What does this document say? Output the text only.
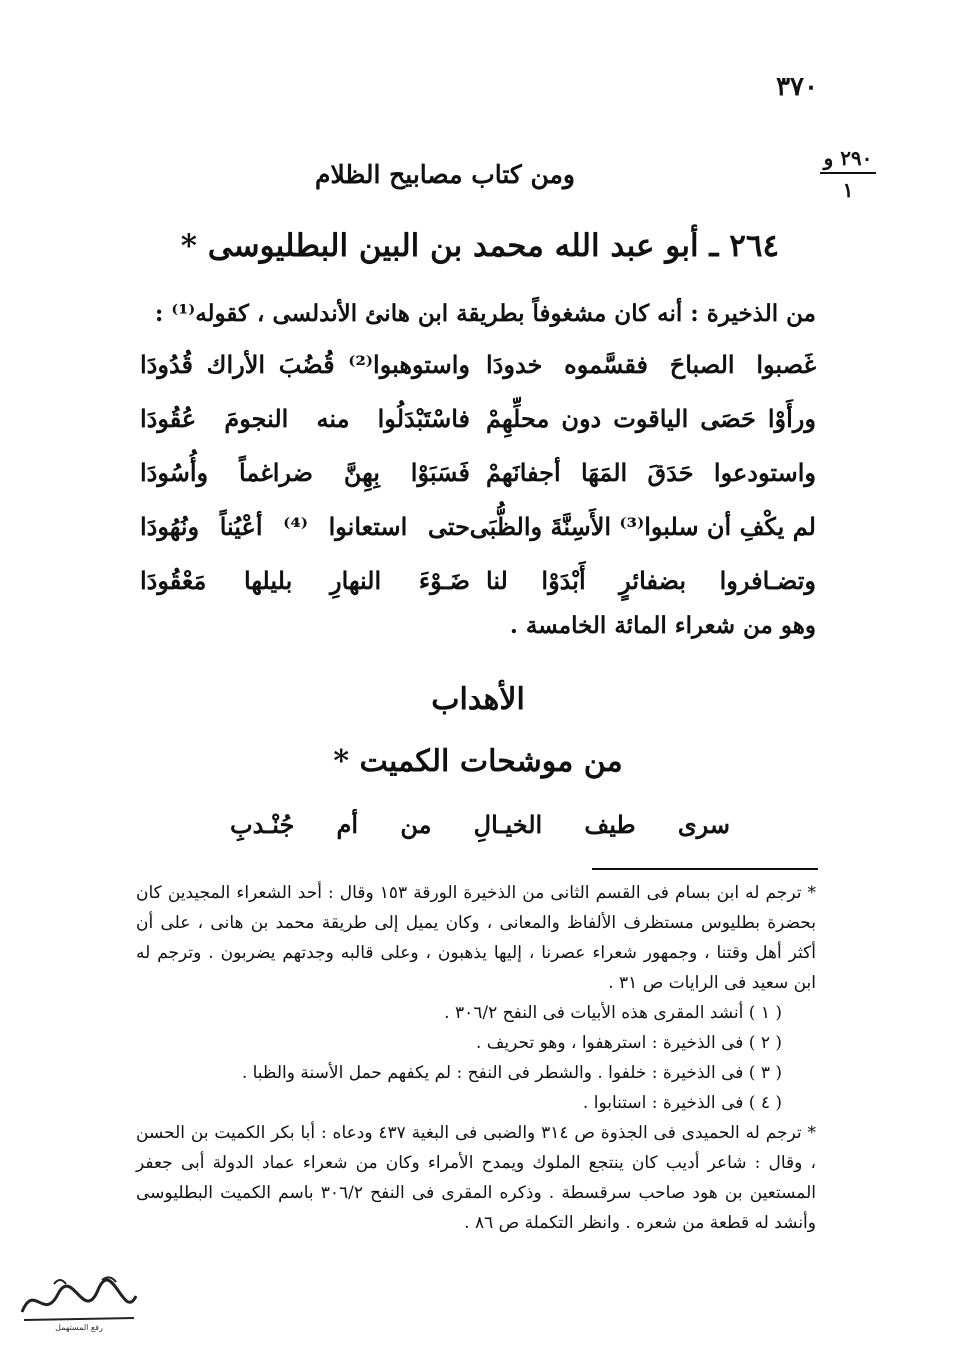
٣٧٠
٢٩٠ و
١
ومن كتاب مصابيح الظلام
٢٦٤ ـ أبو عبد الله محمد بن البين البطليوسى *
من الذخيرة : أنه كان مشغوفاً بطريقة ابن هانئ الأندلسى ، كقوله⁽¹⁾ :
غَصبوا الصباحَ فقسَّموه خدودَا
واستوهبوا⁽²⁾ قُضُبَ الأراك قُدُودَا
ورأَوْا حَصَى الياقوت دون محلِّهِمْ
فاسْتَبْدَلُوا منه النجومَ عُقُودَا
واستودعوا حَدَقَ المَهَا أجفانَهمْ
فَسَبَوْا بِهِنَّ ضراغماً وأُسُودَا
لم يكْفِ أن سلبوا⁽³⁾ الأَسِنَّةَ والظُّبَى
حتى استعانوا ⁽⁴⁾ أعْيُناً ونُهُودَا
وتضـافروا بضفائرٍ أَبْدَوْا لنا
ضَـوْءَ النهارِ بليلها مَعْقُودَا
وهو من شعراء المائة الخامسة .
الأهداب
من موشحات الكميت *
سرى طيف الخيـالِ من أم جُنْـدبِ

* ترجم له ابن بسام فى القسم الثانى من الذخيرة الورقة ١٥٣ وقال : أحد الشعراء المجيدين كان بحضرة بطليوس مستظرف الألفاظ والمعانى ، وكان يميل إلى طريقة محمد بن هانى ، على أن أكثر أهل وقتنا ، وجمهور شعراء عصرنا ، إليها يذهبون ، وعلى قالبه وجدتهم يضربون . وترجم له ابن سعيد فى الرايات ص ٣١ .

( ١ ) أنشد المقرى هذه الأبيات فى النفح ٣٠٦/٢ .

( ٢ ) فى الذخيرة : استرهفوا ، وهو تحريف .

( ٣ ) فى الذخيرة : خلفوا . والشطر فى النفح : لم يكفهم حمل الأسنة والظبا .

( ٤ ) فى الذخيرة : استنابوا .

* ترجم له الحميدى فى الجذوة ص ٣١٤ والضبى فى البغية ٤٣٧ ودعاه : أبا بكر الكميت بن الحسن ، وقال : شاعر أديب كان ينتجع الملوك ويمدح الأمراء وكان من شعراء عماد الدولة أبى جعفر المستعين بن هود صاحب سرقسطة . وذكره المقرى فى النفح ٣٠٦/٢ باسم الكميت البطليوسى وأنشد له قطعة من شعره . وانظر التكملة ص ٨٦ .

رفع المستهمل
